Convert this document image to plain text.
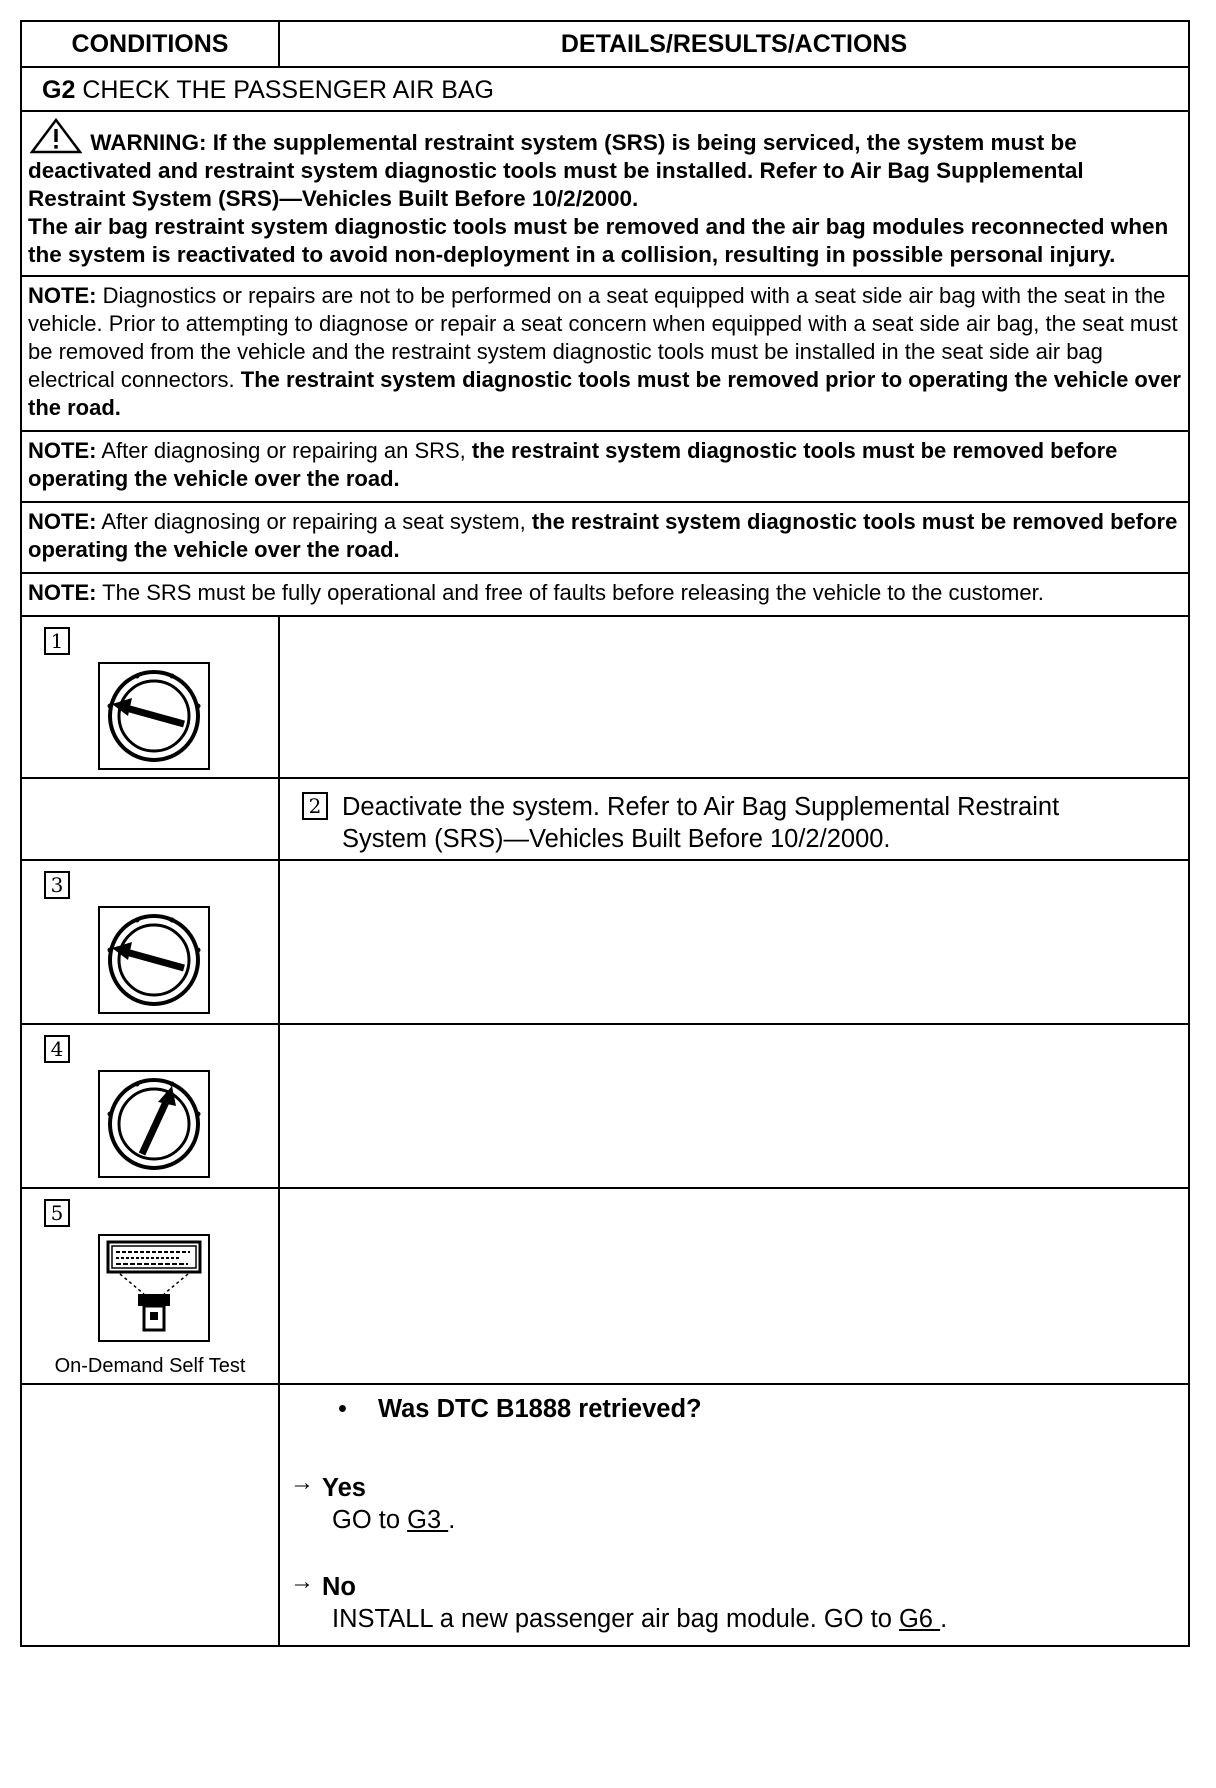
CONDITIONS	DETAILS/RESULTS/ACTIONS
G2 CHECK THE PASSENGER AIR BAG	
WARNING: If the supplemental restraint system (SRS) is being serviced, the system must be deactivated and restraint system diagnostic tools must be installed. Refer to Air Bag Supplemental Restraint System (SRS)—Vehicles Built Before 10/2/2000.
The air bag restraint system diagnostic tools must be removed and the air bag modules reconnected when the system is reactivated to avoid non-deployment in a collision, resulting in possible personal injury.	
NOTE: Diagnostics or repairs are not to be performed on a seat equipped with a seat side air bag with the seat in the vehicle. Prior to attempting to diagnose or repair a seat concern when equipped with a seat side air bag, the seat must be removed from the vehicle and the restraint system diagnostic tools must be installed in the seat side air bag electrical connectors. The restraint system diagnostic tools must be removed prior to operating the vehicle over the road.	
NOTE: After diagnosing or repairing an SRS, the restraint system diagnostic tools must be removed before operating the vehicle over the road.	
NOTE: After diagnosing or repairing a seat system, the restraint system diagnostic tools must be removed before operating the vehicle over the road.	
NOTE: The SRS must be fully operational and free of faults before releasing the vehicle to the customer.	

1	

	2 Deactivate the system. Refer to Air Bag Supplemental Restraint System (SRS)—Vehicles Built Before 10/2/2000.

3	

4	

5
On-Demand Self Test	

	• Was DTC B1888 retrieved?
→ Yes
GO to G3 .
→ No
INSTALL a new passenger air bag module. GO to G6 .
